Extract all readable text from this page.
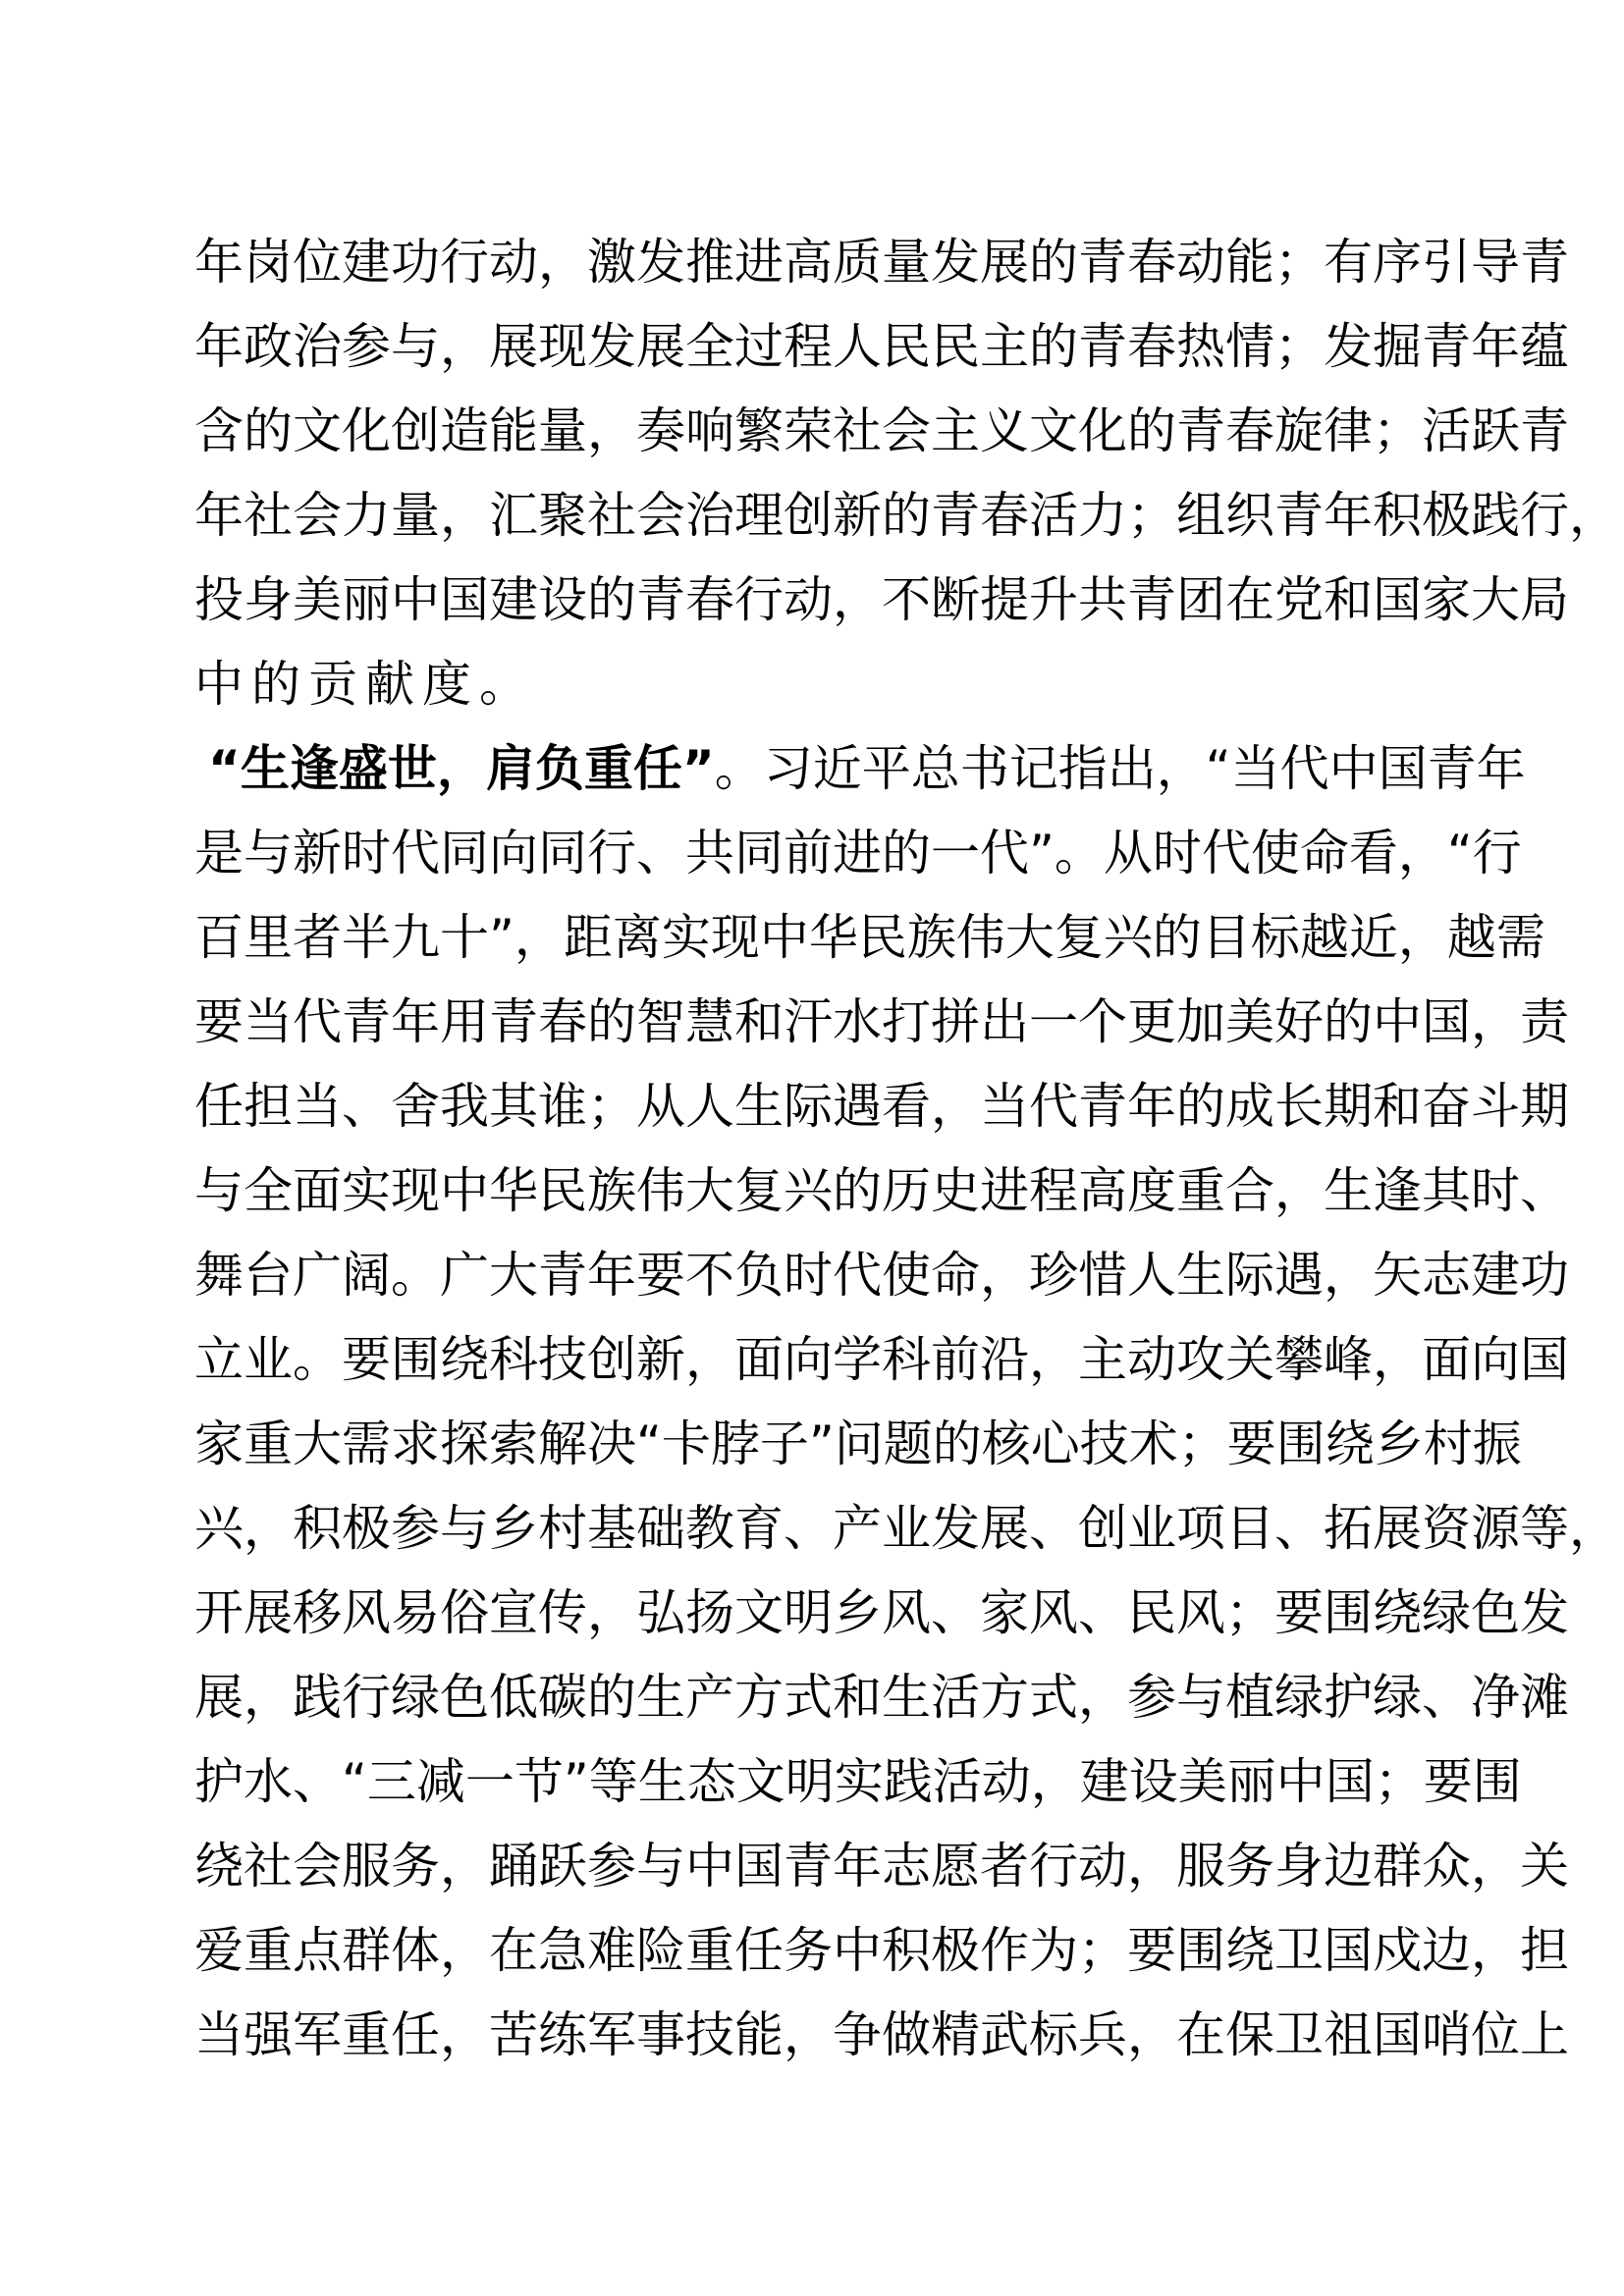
年岗位建功行动，激发推进高质量发展的青春动能；有序引导青
年政治参与，展现发展全过程人民民主的青春热情；发掘青年蕴
含的文化创造能量，奏响繁荣社会主义文化的青春旋律；活跃青
年社会力量，汇聚社会治理创新的青春活力；组织青年积极践行，
投身美丽中国建设的青春行动，不断提升共青团在党和国家大局
中的贡献度。
“生逢盛世，肩负重任”。习近平总书记指出，“当代中国青年
是与新时代同向同行、共同前进的一代”。从时代使命看，“行
百里者半九十”，距离实现中华民族伟大复兴的目标越近，越需
要当代青年用青春的智慧和汗水打拼出一个更加美好的中国，责
任担当、舍我其谁；从人生际遇看，当代青年的成长期和奋斗期
与全面实现中华民族伟大复兴的历史进程高度重合，生逢其时、
舞台广阔。广大青年要不负时代使命，珍惜人生际遇，矢志建功
立业。要围绕科技创新，面向学科前沿，主动攻关攀峰，面向国
家重大需求探索解决“卡脖子”问题的核心技术；要围绕乡村振
兴，积极参与乡村基础教育、产业发展、创业项目、拓展资源等，
开展移风易俗宣传，弘扬文明乡风、家风、民风；要围绕绿色发
展，践行绿色低碳的生产方式和生活方式，参与植绿护绿、净滩
护水、“三减一节”等生态文明实践活动，建设美丽中国；要围
绕社会服务，踊跃参与中国青年志愿者行动，服务身边群众，关
爱重点群体，在急难险重任务中积极作为；要围绕卫国戍边，担
当强军重任，苦练军事技能，争做精武标兵，在保卫祖国哨位上
